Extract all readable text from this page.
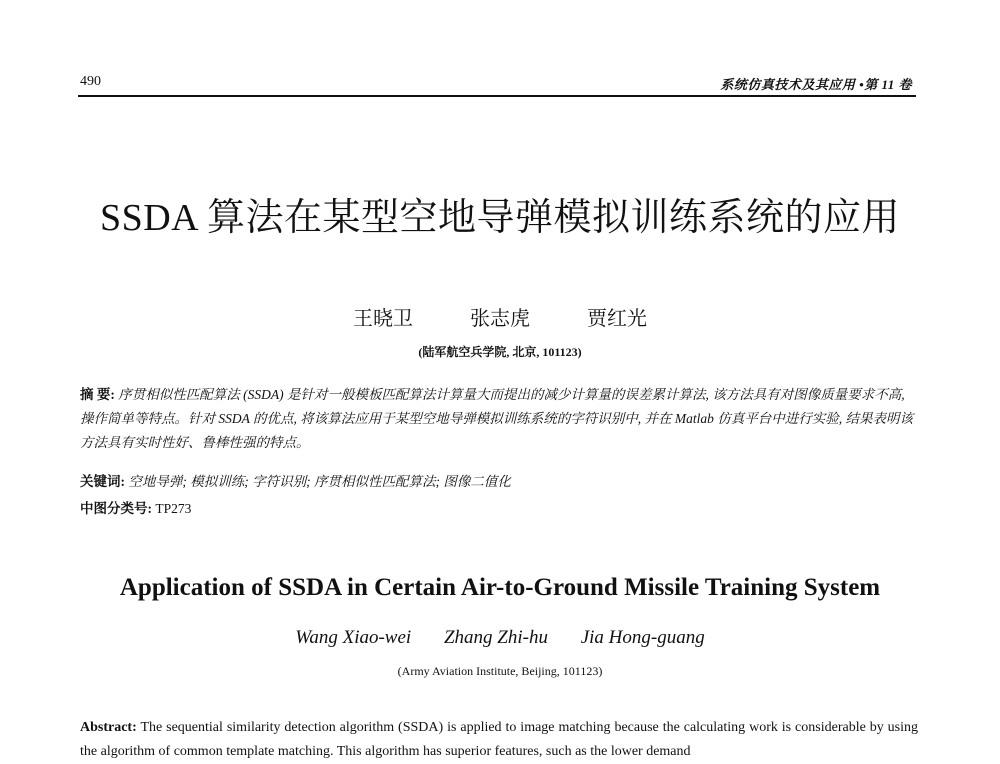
490	系统仿真技术及其应用 •第 11 卷
SSDA 算法在某型空地导弹模拟训练系统的应用
王晓卫	张志虎	贾红光
(陆军航空兵学院, 北京, 101123)
摘 要: 序贯相似性匹配算法 (SSDA) 是针对一般模板匹配算法计算量大而提出的减少计算量的误差累计算法, 该方法具有对图像质量要求不高, 操作简单等特点。针对 SSDA 的优点, 将该算法应用于某型空地导弹模拟训练系统的字符识别中, 并在 Matlab 仿真平台中进行实验, 结果表明该方法具有实时性好、鲁棒性强的特点。
关键词: 空地导弹; 模拟训练; 字符识别; 序贯相似性匹配算法; 图像二值化
中图分类号: TP273
Application of SSDA in Certain Air-to-Ground Missile Training System
Wang Xiao-wei Zhang Zhi-hu Jia Hong-guang
(Army Aviation Institute, Beijing, 101123)
Abstract: The sequential similarity detection algorithm (SSDA) is applied to image matching because the calculating work is considerable by using the algorithm of common template matching. This algorithm has superior features, such as the lower demand
